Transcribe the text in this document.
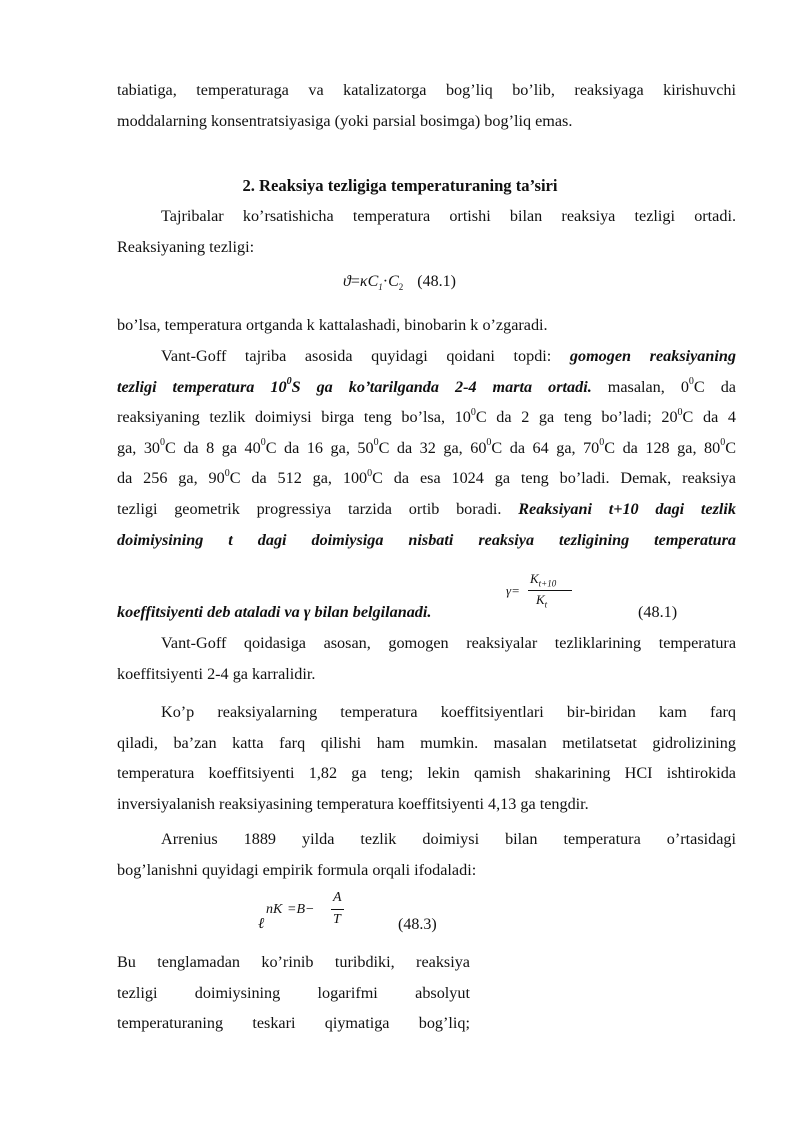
tabiatiga, temperaturaga va katalizatorga bog’liq bo’lib, reaksiyaga kirishuvchi
moddalarning konsentratsiyasiga (yoki parsial bosimga) bog’liq emas.
2. Reaksiya tezligiga temperaturaning ta’siri
Tajribalar ko’rsatishicha temperatura ortishi bilan reaksiya tezligi ortadi.
Reaksiyaning tezligi:
$ϑ=\kappa C_1\cdot C_2$ (48.1)
bo’lsa, temperatura ortganda k kattalashadi, binobarin k o’zgaradi.
Vant-Goff tajriba asosida quyidagi qoidani topdi: gomogen reaksiyaning
tezligi temperatura $10^0S$ ga ko’tarilganda 2-4 marta ortadi. masalan, $0^0C$ da
reaksiyaning tezlik doimiysi birga teng bo’lsa, $10^0C$ da 2 ga teng bo’ladi; $20^0C$ da 4
ga, $30^0C$ da 8 ga $40^0C$ da 16 ga, $50^0C$ da 32 ga, $60^0C$ da 64 ga, $70^0C$ da 128 ga, $80^0C$
da 256 ga, $90^0C$ da 512 ga, $100^0C$ da esa 1024 ga teng bo’ladi. Demak, reaksiya
tezligi geometrik progressiya tarzida ortib boradi. Reaksiyani t+10 dagi tezlik
doimiysining t dagi doimiysiga nisbati reaksiya tezligining temperatura
koeffitsiyenti deb ataladi va γ bilan belgilanadi.	(48.1)
γ=
$K_{t+10}$
$K_t$
Vant-Goff qoidasiga asosan, gomogen reaksiyalar tezliklarining temperatura
koeffitsiyenti 2-4 ga karralidir.
Ko’p reaksiyalarning temperatura koeffitsiyentlari bir-biridan kam farq
qiladi, ba’zan katta farq qilishi ham mumkin. masalan metilatsetat gidrolizining
temperatura koeffitsiyenti 1,82 ga teng; lekin qamish shakarining HCI ishtirokida
inversiyalanish reaksiyasining temperatura koeffitsiyenti 4,13 ga tengdir.
Arrenius 1889 yilda tezlik doimiysi bilan temperatura o’rtasidagi
bog’lanishni quyidagi empirik formula orqali ifodaladi:
ℓ
nK =B−
A
T	(48.3)
Bu tenglamadan ko’rinib turibdiki, reaksiya
tezligi doimiysining logarifmi absolyut
temperaturaning teskari qiymatiga bog’liq;
